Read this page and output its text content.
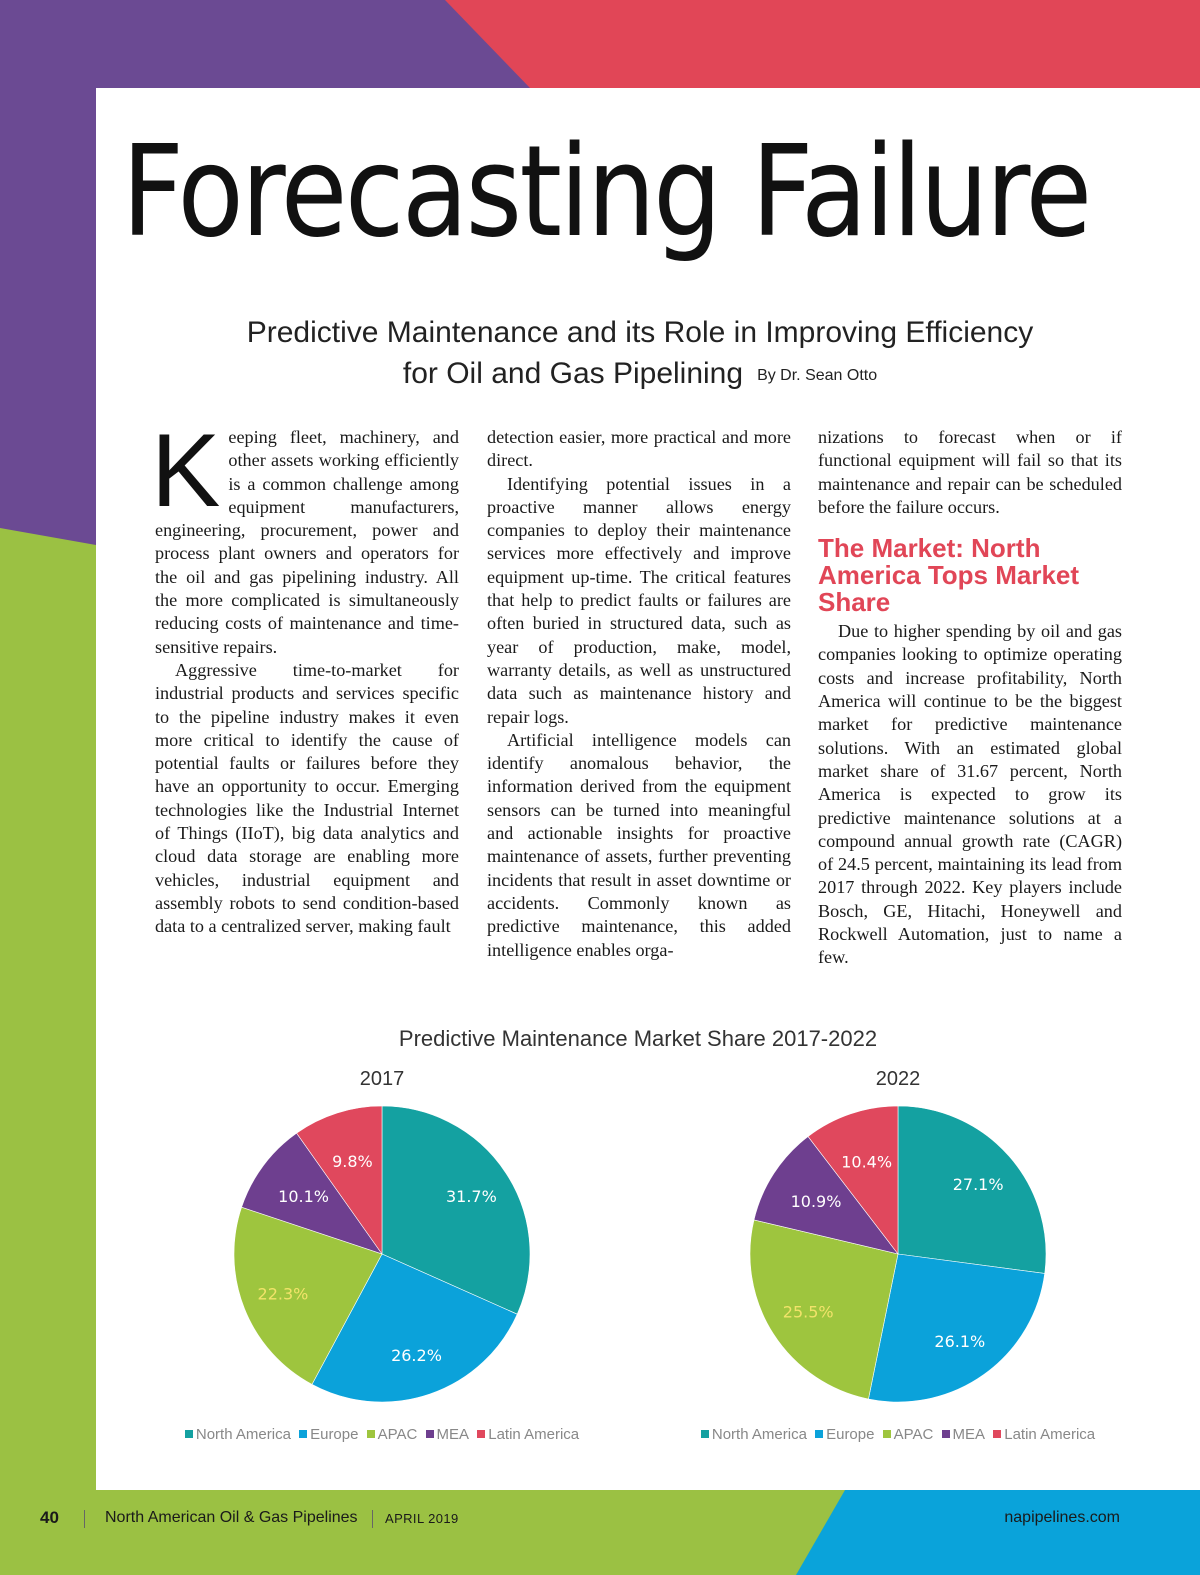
Forecasting Failure
Predictive Maintenance and its Role in Improving Efficiency
for Oil and Gas Pipelining By Dr. Sean Otto

Keeping fleet, machinery, and other assets working efficiently is a common challenge among equipment manufacturers, engineering, procurement, power and process plant owners and operators for the oil and gas pipelining industry. All the more complicated is simultaneously reducing costs of maintenance and time-sensitive repairs.

Aggressive time-to-market for industrial products and services specific to the pipeline industry makes it even more critical to identify the cause of potential faults or failures before they have an opportunity to occur. Emerging technologies like the Industrial Internet of Things (IIoT), big data analytics and cloud data storage are enabling more vehicles, industrial equipment and assembly robots to send condition-based data to a centralized server, making fault

detection easier, more practical and more direct.

Identifying potential issues in a proactive manner allows energy companies to deploy their maintenance services more effectively and improve equipment up-time. The critical features that help to predict faults or failures are often buried in structured data, such as year of production, make, model, warranty details, as well as unstructured data such as maintenance history and repair logs.

Artificial intelligence models can identify anomalous behavior, the information derived from the equipment sensors can be turned into meaningful and actionable insights for proactive maintenance of assets, further preventing incidents that result in asset downtime or accidents. Commonly known as predictive maintenance, this added intelligence enables orga-

nizations to forecast when or if functional equipment will fail so that its maintenance and repair can be scheduled before the failure occurs.

The Market: North America Tops Market Share

Due to higher spending by oil and gas companies looking to optimize operating costs and increase profitability, North America will continue to be the biggest market for predictive maintenance solutions. With an estimated global market share of 31.67 percent, North America is expected to grow its predictive maintenance solutions at a compound annual growth rate (CAGR) of 24.5 percent, maintaining its lead from 2017 through 2022. Key players include Bosch, GE, Hitachi, Honeywell and Rockwell Automation, just to name a few.

Predictive Maintenance Market Share 2017-2022
2017
31.7%
26.2%
22.3%
10.1%
9.8%
North America Europe APAC MEA Latin America
2022
27.1%
26.1%
25.5%
10.9%
10.4%
North America Europe APAC MEA Latin America
40	North American Oil & Gas Pipelines APRIL 2019	napipelines.com
